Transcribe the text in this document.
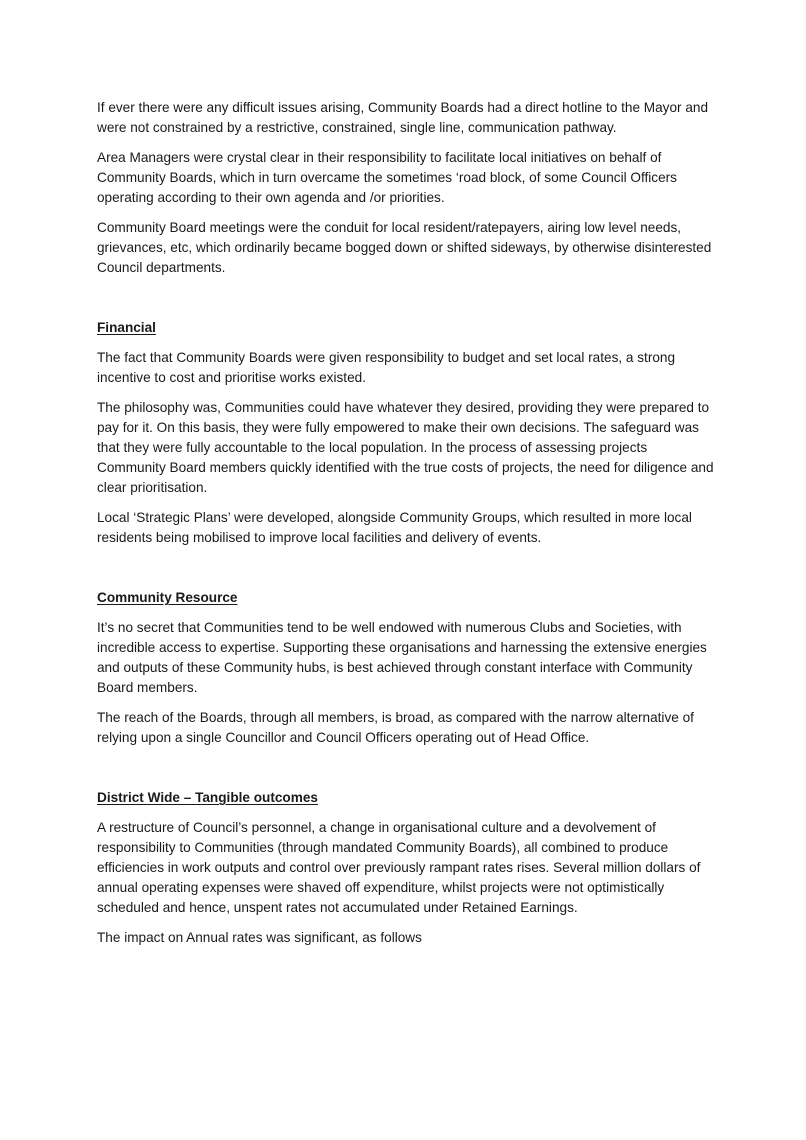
If ever there were any difficult issues arising, Community Boards had a direct hotline to the Mayor and were not constrained by a restrictive, constrained, single line, communication pathway.

Area Managers were crystal clear in their responsibility to facilitate local initiatives on behalf of Community Boards, which in turn overcame the sometimes ‘road block, of some Council Officers operating according to their own agenda and /or priorities.

Community Board meetings were the conduit for local resident/ratepayers, airing low level needs, grievances, etc, which ordinarily became bogged down or shifted sideways, by otherwise disinterested Council departments.

Financial

The fact that Community Boards were given responsibility to budget and set local rates, a strong incentive to cost and prioritise works existed.

The philosophy was, Communities could have whatever they desired, providing they were prepared to pay for it. On this basis, they were fully empowered to make their own decisions. The safeguard was that they were fully accountable to the local population. In the process of assessing projects Community Board members quickly identified with the true costs of projects, the need for diligence and clear prioritisation.

Local ‘Strategic Plans’ were developed, alongside Community Groups, which resulted in more local residents being mobilised to improve local facilities and delivery of events.

Community Resource

It’s no secret that Communities tend to be well endowed with numerous Clubs and Societies, with incredible access to expertise. Supporting these organisations and harnessing the extensive energies and outputs of these Community hubs, is best achieved through constant interface with Community Board members.

The reach of the Boards, through all members, is broad, as compared with the narrow alternative of relying upon a single Councillor and Council Officers operating out of Head Office.

District Wide – Tangible outcomes

A restructure of Council’s personnel, a change in organisational culture and a devolvement of responsibility to Communities (through mandated Community Boards), all combined to produce efficiencies in work outputs and control over previously rampant rates rises. Several million dollars of annual operating expenses were shaved off expenditure, whilst projects were not optimistically scheduled and hence, unspent rates not accumulated under Retained Earnings.

The impact on Annual rates was significant, as follows
